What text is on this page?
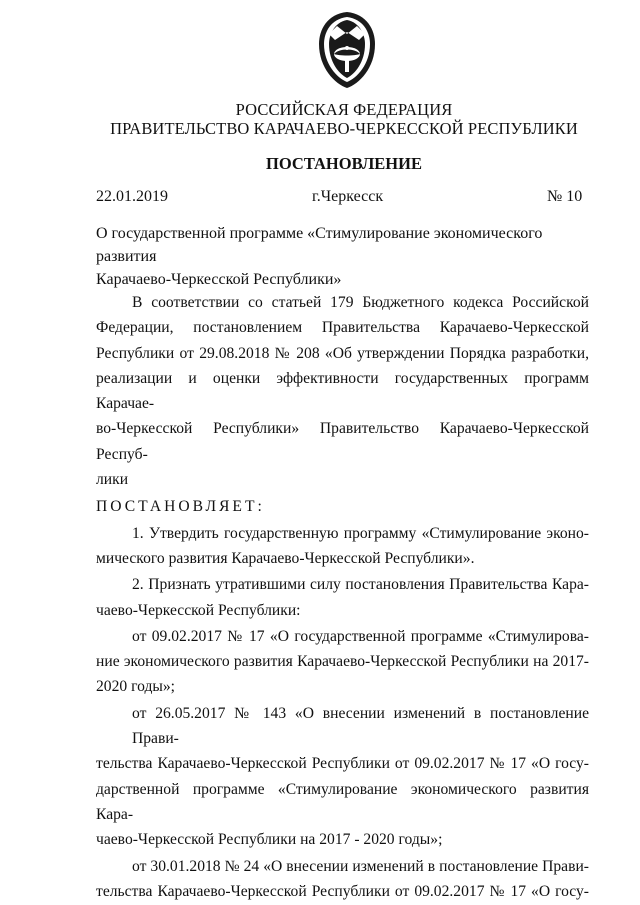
РОССИЙСКАЯ ФЕДЕРАЦИЯ
ПРАВИТЕЛЬСТВО КАРАЧАЕВО-ЧЕРКЕССКОЙ РЕСПУБЛИКИ
ПОСТАНОВЛЕНИЕ
22.01.2019	г.Черкесск	№ 10
О государственной программе «Стимулирование экономического развития
Карачаево-Черкесской Республики»
В соответствии со статьей 179 Бюджетного кодекса Российской
Федерации, постановлением Правительства Карачаево-Черкесской
Республики от 29.08.2018 № 208 «Об утверждении Порядка разработки,
реализации и оценки эффективности государственных программ Карачае-
во-Черкесской Республики» Правительство Карачаево-Черкесской Респуб-
лики
ПОСТАНОВЛЯЕТ:
1. Утвердить государственную программу «Стимулирование эконо-
мического развития Карачаево-Черкесской Республики».
2. Признать утратившими силу постановления Правительства Кара-
чаево-Черкесской Республики:
от 09.02.2017 № 17 «О государственной программе «Стимулирова-
ние экономического развития Карачаево-Черкесской Республики на 2017-
2020 годы»;
от 26.05.2017 № 143 «О внесении изменений в постановление Прави-
тельства Карачаево-Черкесской Республики от 09.02.2017 № 17 «О госу-
дарственной программе «Стимулирование экономического развития Кара-
чаево-Черкесской Республики на 2017 - 2020 годы»;
от 30.01.2018 № 24 «О внесении изменений в постановление Прави-
тельства Карачаево-Черкесской Республики от 09.02.2017 № 17 «О госу-
